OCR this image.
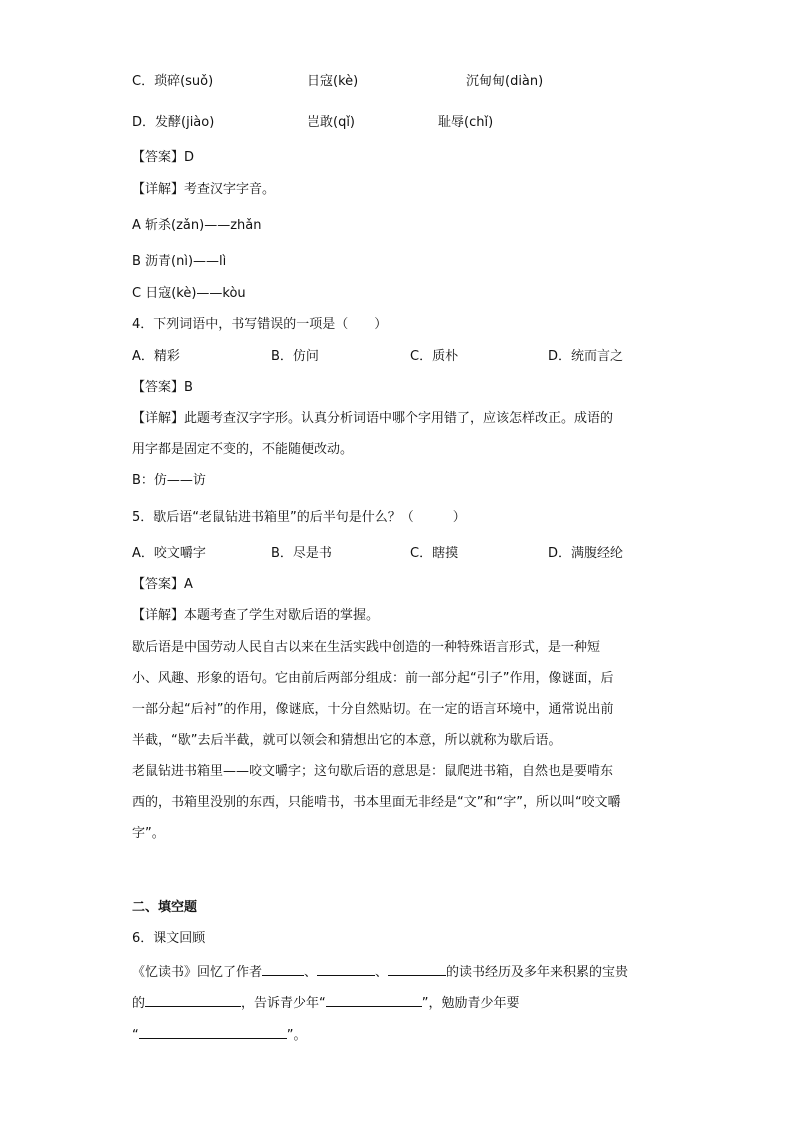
C．琐碎(suǒ)	日寇(kè)	沉甸甸(diàn)
D．发酵(jiào)	岂敢(qǐ)	耻辱(chǐ)
【答案】D
【详解】考查汉字字音。
A 斩杀(zǎn)——zhǎn
B 沥青(nì)——lì
C 日寇(kè)——kòu
4．下列词语中，书写错误的一项是（　　）
A．精彩	B．仿问	C．质朴	D．统而言之
【答案】B
【详解】此题考查汉字字形。认真分析词语中哪个字用错了，应该怎样改正。成语的
用字都是固定不变的，不能随便改动。
B：仿——访
5．歇后语“老鼠钻进书箱里”的后半句是什么？（　　　）
A．咬文嚼字	B．尽是书	C．瞎摸	D．满腹经纶
【答案】A
【详解】本题考查了学生对歇后语的掌握。
歇后语是中国劳动人民自古以来在生活实践中创造的一种特殊语言形式，是一种短
小、风趣、形象的语句。它由前后两部分组成：前一部分起“引子”作用，像谜面，后
一部分起“后衬”的作用，像谜底，十分自然贴切。在一定的语言环境中，通常说出前
半截，“歇”去后半截，就可以领会和猜想出它的本意，所以就称为歇后语。
老鼠钻进书箱里——咬文嚼字；这句歇后语的意思是：鼠爬进书箱，自然也是要啃东
西的，书箱里没别的东西，只能啃书，书本里面无非经是“文”和“字”，所以叫“咬文嚼
字”。
二、填空题
6．课文回顾
《忆读书》回忆了作者	、	、	的读书经历及多年来积累的宝贵
的	，告诉青少年“	”，勉励青少年要
“	”。
